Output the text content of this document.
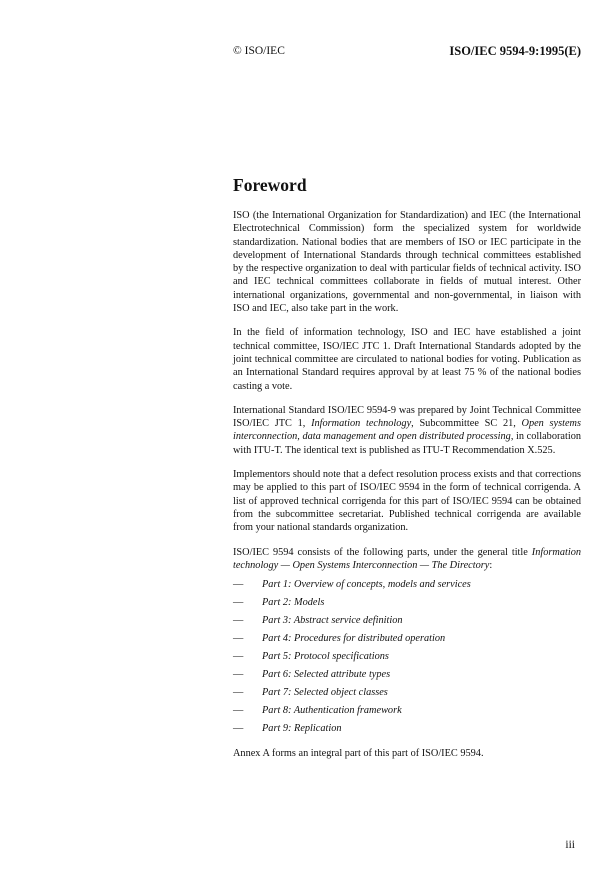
© ISO/IEC	ISO/IEC 9594-9:1995(E)
Foreword

ISO (the International Organization for Standardization) and IEC (the International Electrotechnical Commission) form the specialized system for worldwide standardization. National bodies that are members of ISO or IEC participate in the development of International Standards through technical committees established by the respective organization to deal with particular fields of technical activity. ISO and IEC technical committees collaborate in fields of mutual interest. Other international organizations, governmental and non-governmental, in liaison with ISO and IEC, also take part in the work.

In the field of information technology, ISO and IEC have established a joint technical committee, ISO/IEC JTC 1. Draft International Standards adopted by the joint technical committee are circulated to national bodies for voting. Publication as an International Standard requires approval by at least 75 % of the national bodies casting a vote.

International Standard ISO/IEC 9594-9 was prepared by Joint Technical Committee ISO/IEC JTC 1, Information technology, Subcommittee SC 21, Open systems interconnection, data management and open distributed processing, in collaboration with ITU-T. The identical text is published as ITU-T Recommendation X.525.

Implementors should note that a defect resolution process exists and that corrections may be applied to this part of ISO/IEC 9594 in the form of technical corrigenda. A list of approved technical corrigenda for this part of ISO/IEC 9594 can be obtained from the subcommittee secretariat. Published technical corrigenda are available from your national standards organization.

ISO/IEC 9594 consists of the following parts, under the general title Information technology — Open Systems Interconnection — The Directory:

— Part 1: Overview of concepts, models and services
— Part 2: Models
— Part 3: Abstract service definition
— Part 4: Procedures for distributed operation
— Part 5: Protocol specifications
— Part 6: Selected attribute types
— Part 7: Selected object classes
— Part 8: Authentication framework
— Part 9: Replication

Annex A forms an integral part of this part of ISO/IEC 9594.

iii
